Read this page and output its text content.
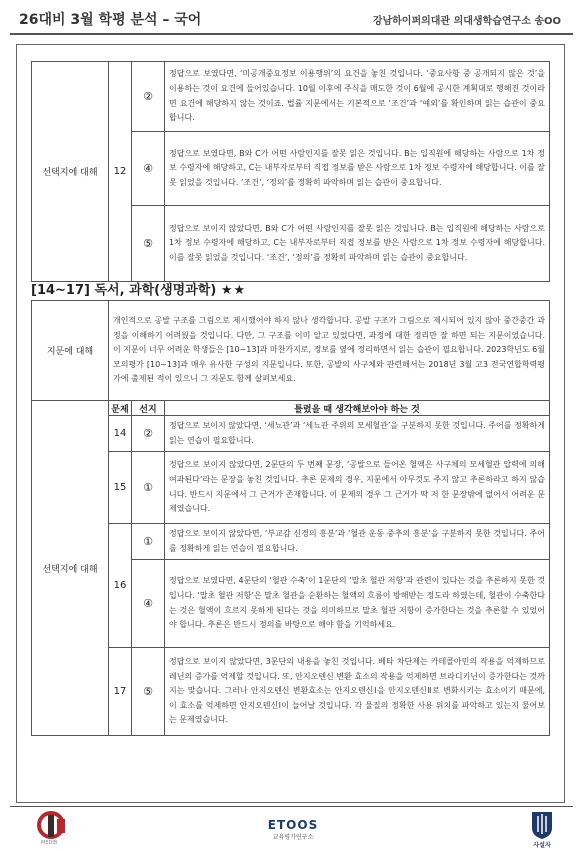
26대비 3월 학평 분석 – 국어	강남하이퍼의대관 의대생학습연구소 송OO
선택지에 대해	12	②	정답으로 보였다면, ‘미공개중요정보 이용행위’의 요건을 놓친 것입니다. ‘중요사항 중 공개되지 않은 것’을 이용하는 것이 요건에 들어있습니다. 10월 이후에 주식을 매도한 것이 6월에 공시한 계획대로 행해진 것이라면 요건에 해당하지 않는 것이죠. 법률 지문에서는 기본적으로 ‘조건’과 ‘예외’를 확인하며 읽는 습관이 중요합니다.
		④	정답으로 보였다면, B와 C가 어떤 사람인지를 잘못 읽은 것입니다. B는 입직원에 해당하는 사람으로 1차 정보 수령자에 해당하고, C는 내부자로부터 직접 정보를 받은 사람으로 1차 정보 수령자에 해당합니다. 이를 잘못 읽었을 것입니다. ‘조건’, ‘정의’를 정확히 파악하며 읽는 습관이 중요합니다.
		⑤	정답으로 보이지 않았다면, B와 C가 어떤 사람인지를 잘못 읽은 것입니다. B는 입직원에 해당하는 사람으로 1차 정보 수령자에 해당하고, C는 내부자로부터 직접 정보를 받은 사람으로 1차 정보 수령자에 해당합니다. 이를 잘못 읽었을 것입니다. ‘조건’, ‘정의’를 정확히 파악하며 읽는 습관이 중요합니다.
[14~17] 독서, 과학(생명과학) ★★
지문에 대해	개인적으로 공발 구조를 그림으로 제시했어야 하지 않나 생각합니다. 공발 구조가 그림으로 제시되어 있지 않아 중간중간 과정을 이해하기 어려웠을 것입니다. 다만, 그 구조를 이미 알고 있었다면, 과정에 대한 정리만 잘 하면 되는 지문이었습니다. 이 지문이 너무 어려운 학생들은 [10~13]과 마찬가지로, 정보를 옆에 정리하면서 읽는 습관이 필요합니다. 2023학년도 6월 모의평가 [10~13]과 매우 유사한 구성의 지문입니다. 또한, 공발의 사구체와 관련해서는 2018년 3월 고3 전국연합학력평가에 출제된 적이 있으니 그 지문도 함께 살펴보세요.		
선택지에 대해	문제	선지	틀렸을 때 생각해보아야 하는 것
	14	②	정답으로 보이지 않았다면, ‘세뇨관’과 ‘세뇨관 주위의 모세혈관’을 구분하지 못한 것입니다. 주어를 정확하게 읽는 연습이 필요합니다.
	15	①	정답으로 보이지 않았다면, 2문단의 두 번째 문장, ‘공발으로 들어온 혈액은 사구체의 모세혈관 압력에 의해 여과된다’라는 문장을 놓친 것입니다. 추론 문제의 경우, 지문에서 아무것도 주지 않고 추론하라고 하지 않습니다. 반드시 지문에서 그 근거가 존재합니다. 이 문제의 경우 그 근거가 딱 저 한 문장밖에 없어서 어려운 문제였습니다.
	16	①	정답으로 보이지 않았다면, ‘부교감 신경의 흥분’과 ‘혈관 운동 중추의 흥분’을 구분하지 못한 것입니다. 주어를 정확하게 읽는 연습이 필요합니다.
		④	정답으로 보였다면, 4문단의 ‘혈관 수축’이 1문단의 ‘말초 혈관 저항’과 관련이 있다는 것을 추론하지 못한 것입니다. ‘말초 혈관 저항’은 말초 혈관을 순환하는 혈액의 흐름이 방해받는 정도라 하였는데, 혈관이 수축한다는 것은 혈액이 흐르지 못하게 된다는 것을 의미하므로 말초 혈관 저항이 증가한다는 것을 추론할 수 있었어야 합니다. 추론은 반드시 정의를 바탕으로 해야 함을 기억하세요.
	17	⑤	정답으로 보이지 않았다면, 3문단의 내용을 놓친 것입니다. 베타 차단제는 카테콜아민의 작용을 억제하므로 레닌의 증가를 억제할 것입니다. 또, 안지오텐신 변환 효소의 작용을 억제하면 브라디키닌이 증가한다는 것까지는 맞습니다. 그러나 안지오텐신 변환효소는 안지오텐신Ⅰ을 안지오텐신Ⅱ로 변화시키는 효소이기 때문에, 이 효소를 억제하면 안지오텐신Ⅰ이 늘어날 것입니다. 각 물질의 정확한 사용 위치를 파악하고 있는지 물어보는 문제였습니다.
MEDIB
ETOOS
교육평가연구소
사설자
